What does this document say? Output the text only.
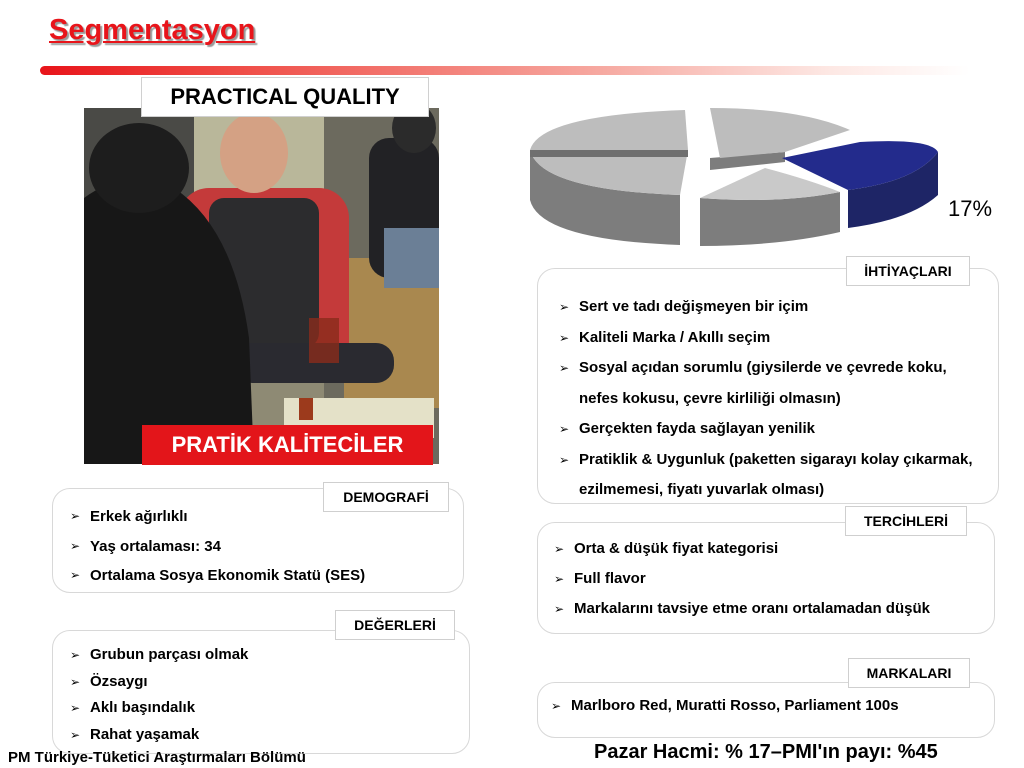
Segmentasyon
PRACTICAL QUALITY
PRATİK KALİTECİLER
17%
İHTİYAÇLARI
➢ Sert ve tadı değişmeyen bir içim
➢ Kaliteli Marka / Akıllı seçim
➢ Sosyal açıdan sorumlu (giysilerde ve çevrede koku, nefes kokusu, çevre kirliliği olmasın)
➢ Gerçekten fayda sağlayan yenilik
➢ Pratiklik & Uygunluk (paketten sigarayı kolay çıkarmak, ezilmemesi, fiyatı yuvarlak olması)
DEMOGRAFİ
➢ Erkek ağırlıklı
➢ Yaş ortalaması: 34
➢ Ortalama Sosya Ekonomik Statü (SES)
TERCİHLERİ
➢ Orta & düşük fiyat kategorisi
➢ Full flavor
➢ Markalarını tavsiye etme oranı ortalamadan düşük
DEĞERLERİ
➢ Grubun parçası olmak
➢ Özsaygı
➢ Aklı başındalık
➢ Rahat yaşamak
MARKALARI
➢ Marlboro Red, Muratti Rosso, Parliament 100s
PM Türkiye-Tüketici Araştırmaları Bölümü	Pazar Hacmi: % 17–PMI'ın payı: %45
